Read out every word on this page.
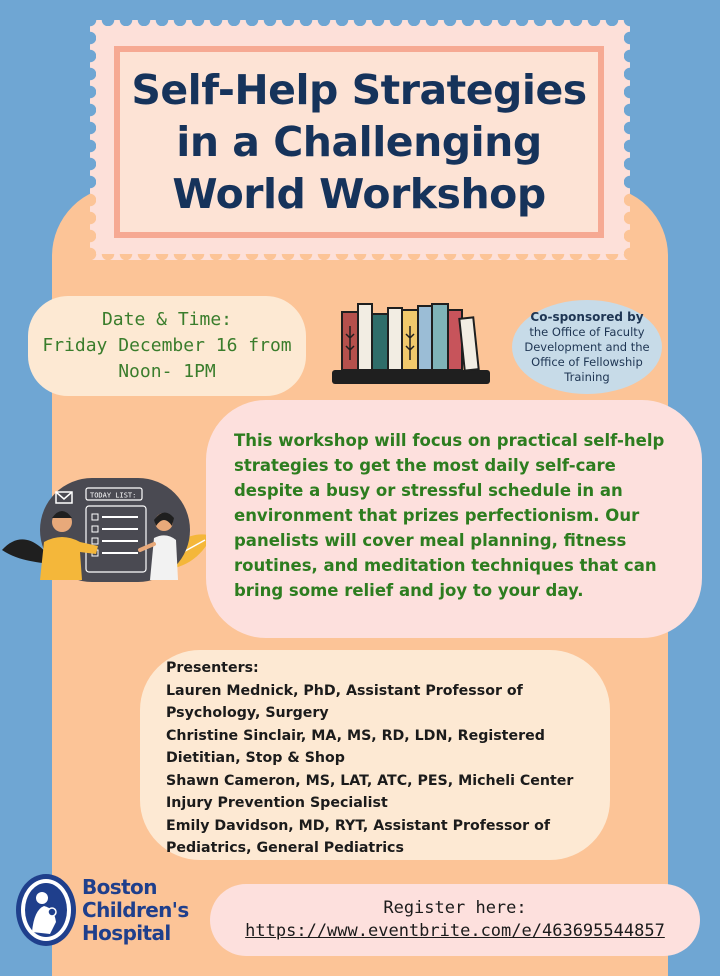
Self-Help Strategies
in a Challenging
World Workshop
Date & Time:
Friday December 16 from
Noon- 1PM
Co-sponsored by
the Office of Faculty
Development and the
Office of Fellowship
Training
TODAY LIST:

This workshop will focus on practical self-help strategies to get the most daily self-care despite a busy or stressful schedule in an environment that prizes perfectionism. Our panelists will cover meal planning, fitness routines, and meditation techniques that can bring some relief and joy to your day.

Presenters:
Lauren Mednick, PhD, Assistant Professor of
Psychology, Surgery
Christine Sinclair, MA, MS, RD, LDN, Registered
Dietitian, Stop & Shop
Shawn Cameron, MS, LAT, ATC, PES, Micheli Center
Injury Prevention Specialist
Emily Davidson, MD, RYT, Assistant Professor of
Pediatrics, General Pediatrics
Boston
Children's
Hospital
Register here:
https://www.eventbrite.com/e/463695544857
